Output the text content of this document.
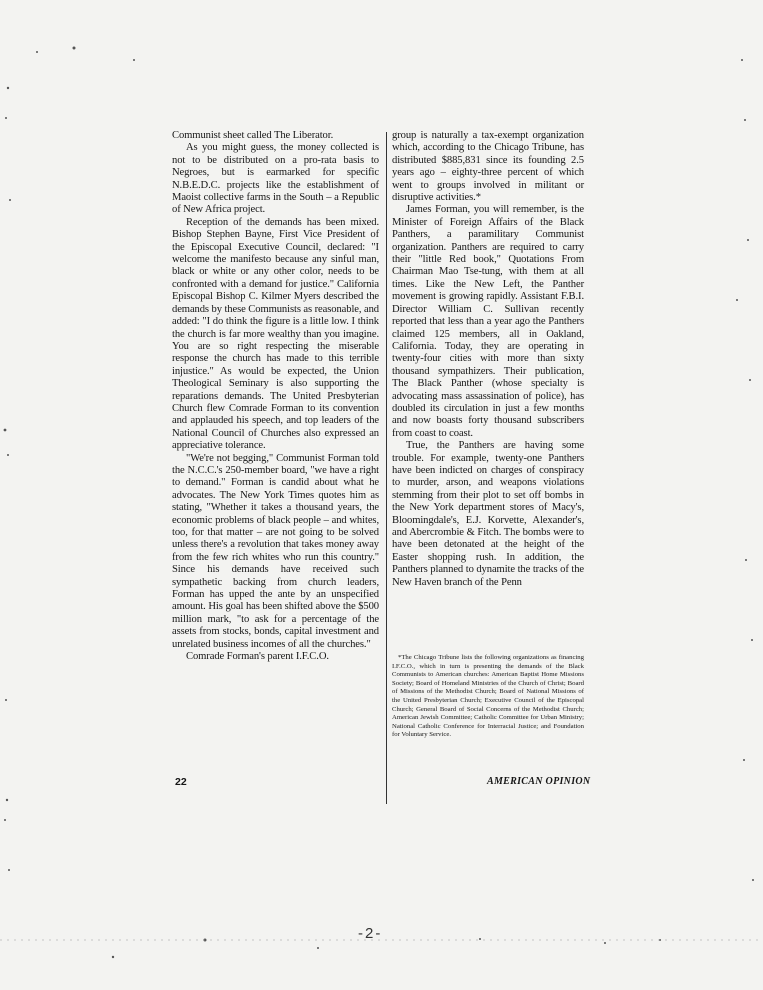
Communist sheet called The Liberator.

As you might guess, the money collected is not to be distributed on a pro-rata basis to Negroes, but is earmarked for specific N.B.E.D.C. projects like the establishment of Maoist collective farms in the South – a Republic of New Africa project.

Reception of the demands has been mixed. Bishop Stephen Bayne, First Vice President of the Episcopal Executive Council, declared: "I welcome the manifesto because any sinful man, black or white or any other color, needs to be confronted with a demand for justice." California Episcopal Bishop C. Kilmer Myers described the demands by these Communists as reasonable, and added: "I do think the figure is a little low. I think the church is far more wealthy than you imagine. You are so right respecting the miserable response the church has made to this terrible injustice." As would be expected, the Union Theological Seminary is also supporting the reparations demands. The United Presbyterian Church flew Comrade Forman to its convention and applauded his speech, and top leaders of the National Council of Churches also expressed an appreciative tolerance.

"We're not begging," Communist Forman told the N.C.C.'s 250-member board, "we have a right to demand." Forman is candid about what he advocates. The New York Times quotes him as stating, "Whether it takes a thousand years, the economic problems of black people – and whites, too, for that matter – are not going to be solved unless there's a revolution that takes money away from the few rich whites who run this country." Since his demands have received such sympathetic backing from church leaders, Forman has upped the ante by an unspecified amount. His goal has been shifted above the $500 million mark, "to ask for a percentage of the assets from stocks, bonds, capital investment and unrelated business incomes of all the churches."

Comrade Forman's parent I.F.C.O.

group is naturally a tax-exempt organization which, according to the Chicago Tribune, has distributed $885,831 since its founding 2.5 years ago – eighty-three percent of which went to groups involved in militant or disruptive activities.*

James Forman, you will remember, is the Minister of Foreign Affairs of the Black Panthers, a paramilitary Communist organization. Panthers are required to carry their "little Red book," Quotations From Chairman Mao Tse-tung, with them at all times. Like the New Left, the Panther movement is growing rapidly. Assistant F.B.I. Director William C. Sullivan recently reported that less than a year ago the Panthers claimed 125 members, all in Oakland, California. Today, they are operating in twenty-four cities with more than sixty thousand sympathizers. Their publication, The Black Panther (whose specialty is advocating mass assassination of police), has doubled its circulation in just a few months and now boasts forty thousand subscribers from coast to coast.

True, the Panthers are having some trouble. For example, twenty-one Panthers have been indicted on charges of conspiracy to murder, arson, and weapons violations stemming from their plot to set off bombs in the New York department stores of Macy's, Bloomingdale's, E.J. Korvette, Alexander's, and Abercrombie & Fitch. The bombs were to have been detonated at the height of the Easter shopping rush. In addition, the Panthers planned to dynamite the tracks of the New Haven branch of the Penn

*The Chicago Tribune lists the following organizations as financing I.F.C.O., which in turn is presenting the demands of the Black Communists to American churches: American Baptist Home Missions Society; Board of Homeland Ministries of the Church of Christ; Board of Missions of the Methodist Church; Board of National Missions of the United Presbyterian Church; Executive Council of the Episcopal Church; General Board of Social Concerns of the Methodist Church; American Jewish Committee; Catholic Committee for Urban Ministry; National Catholic Conference for Interracial Justice; and Foundation for Voluntary Service.

22	AMERICAN OPINION
-2-
